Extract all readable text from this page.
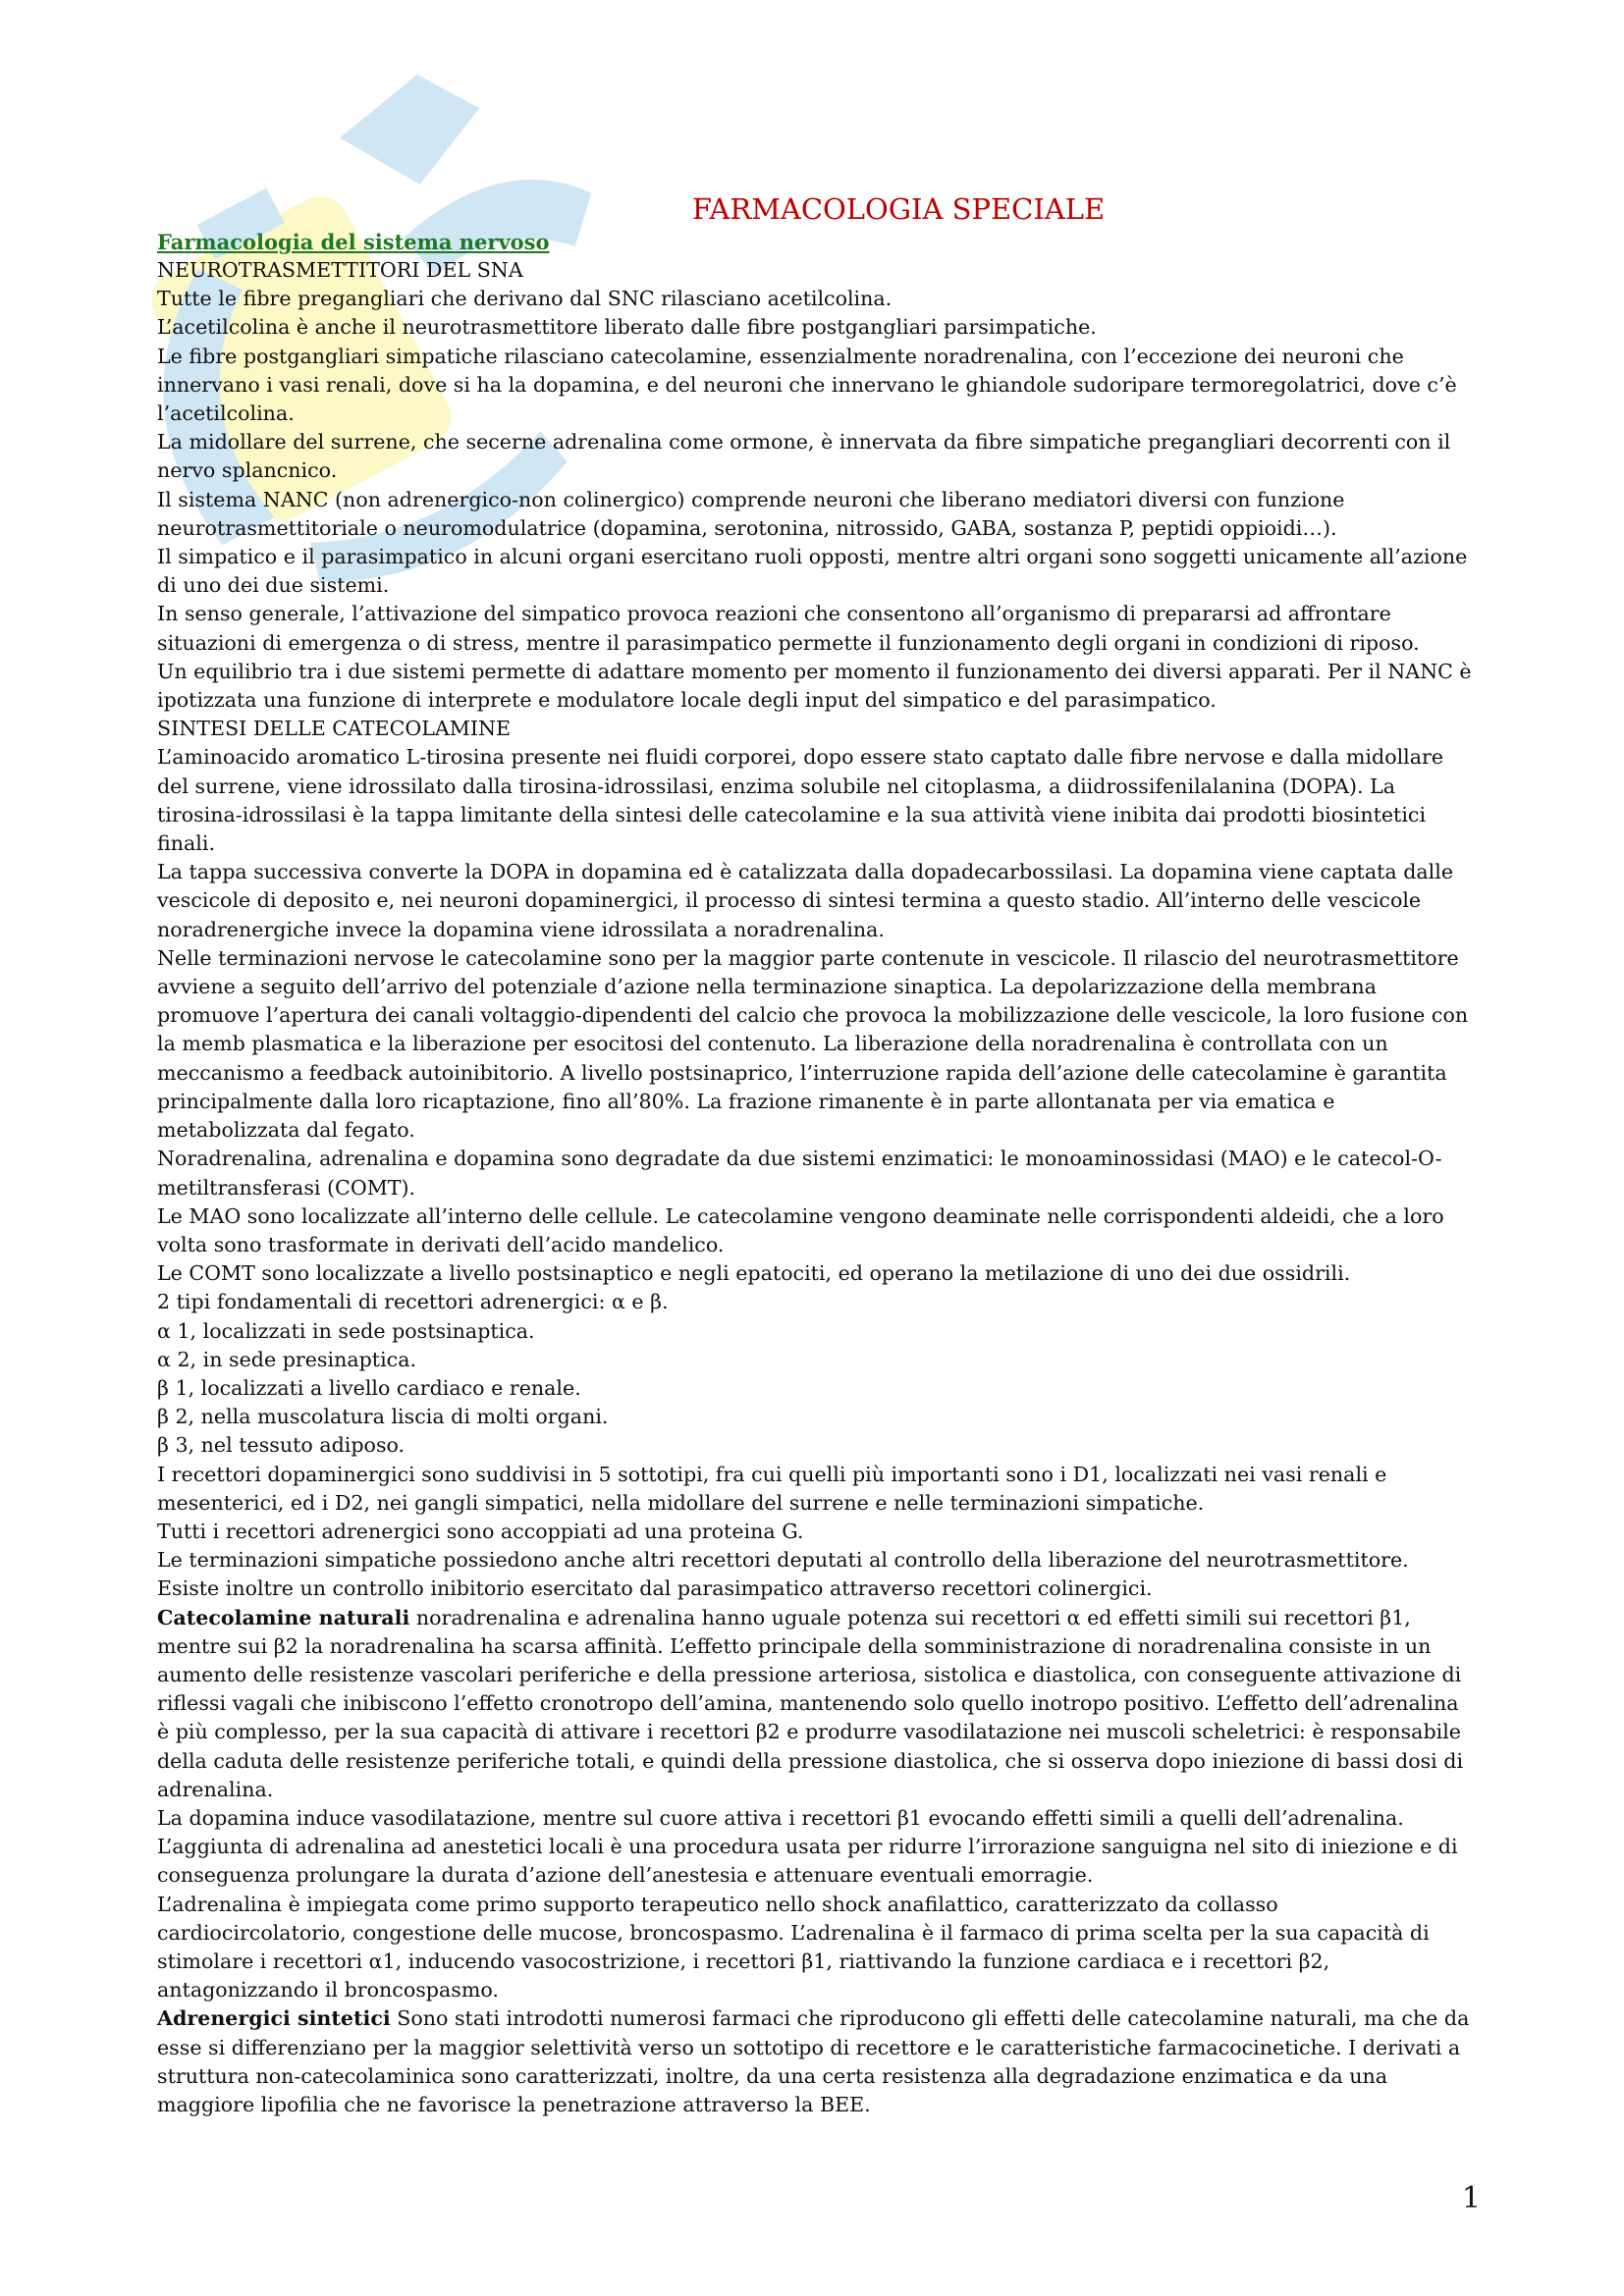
FARMACOLOGIA SPECIALE
Farmacologia del sistema nervoso

NEUROTRASMETTITORI DEL SNA

Tutte le fibre pregangliari che derivano dal SNC rilasciano acetilcolina.

L’acetilcolina è anche il neurotrasmettitore liberato dalle fibre postgangliari parsimpatiche.

Le fibre postgangliari simpatiche rilasciano catecolamine, essenzialmente noradrenalina, con l’eccezione dei neuroni che innervano i vasi renali, dove si ha la dopamina, e del neuroni che innervano le ghiandole sudoripare termoregolatrici, dove c’è l’acetilcolina.

La midollare del surrene, che secerne adrenalina come ormone, è innervata da fibre simpatiche pregangliari decorrenti con il nervo splancnico.

Il sistema NANC (non adrenergico-non colinergico) comprende neuroni che liberano mediatori diversi con funzione neurotrasmettitoriale o neuromodulatrice (dopamina, serotonina, nitrossido, GABA, sostanza P, peptidi oppioidi…).

Il simpatico e il parasimpatico in alcuni organi esercitano ruoli opposti, mentre altri organi sono soggetti unicamente all’azione di uno dei due sistemi.

In senso generale, l’attivazione del simpatico provoca reazioni che consentono all’organismo di prepararsi ad affrontare situazioni di emergenza o di stress, mentre il parasimpatico permette il funzionamento degli organi in condizioni di riposo.

Un equilibrio tra i due sistemi permette di adattare momento per momento il funzionamento dei diversi apparati. Per il NANC è ipotizzata una funzione di interprete e modulatore locale degli input del simpatico e del parasimpatico.

SINTESI DELLE CATECOLAMINE

L’aminoacido aromatico L-tirosina presente nei fluidi corporei, dopo essere stato captato dalle fibre nervose e dalla midollare del surrene, viene idrossilato dalla tirosina-idrossilasi, enzima solubile nel citoplasma, a diidrossifenilalanina (DOPA). La tirosina-idrossilasi è la tappa limitante della sintesi delle catecolamine e la sua attività viene inibita dai prodotti biosintetici finali.

La tappa successiva converte la DOPA in dopamina ed è catalizzata dalla dopadecarbossilasi. La dopamina viene captata dalle vescicole di deposito e, nei neuroni dopaminergici, il processo di sintesi termina a questo stadio. All’interno delle vescicole noradrenergiche invece la dopamina viene idrossilata a noradrenalina.

Nelle terminazioni nervose le catecolamine sono per la maggior parte contenute in vescicole. Il rilascio del neurotrasmettitore avviene a seguito dell’arrivo del potenziale d’azione nella terminazione sinaptica. La depolarizzazione della membrana promuove l’apertura dei canali voltaggio-dipendenti del calcio che provoca la mobilizzazione delle vescicole, la loro fusione con la memb plasmatica e la liberazione per esocitosi del contenuto. La liberazione della noradrenalina è controllata con un meccanismo a feedback autoinibitorio. A livello postsinaprico, l’interruzione rapida dell’azione delle catecolamine è garantita principalmente dalla loro ricaptazione, fino all’80%. La frazione rimanente è in parte allontanata per via ematica e metabolizzata dal fegato.

Noradrenalina, adrenalina e dopamina sono degradate da due sistemi enzimatici: le monoaminossidasi (MAO) e le catecol-O-metiltransferasi (COMT).

Le MAO sono localizzate all’interno delle cellule. Le catecolamine vengono deaminate nelle corrispondenti aldeidi, che a loro volta sono trasformate in derivati dell’acido mandelico.

Le COMT sono localizzate a livello postsinaptico e negli epatociti, ed operano la metilazione di uno dei due ossidrili.

2 tipi fondamentali di recettori adrenergici: α e β.

α 1, localizzati in sede postsinaptica.

α 2, in sede presinaptica.

β 1, localizzati a livello cardiaco e renale.

β 2, nella muscolatura liscia di molti organi.

β 3, nel tessuto adiposo.

I recettori dopaminergici sono suddivisi in 5 sottotipi, fra cui quelli più importanti sono i D1, localizzati nei vasi renali e mesenterici, ed i D2, nei gangli simpatici, nella midollare del surrene e nelle terminazioni simpatiche.

Tutti i recettori adrenergici sono accoppiati ad una proteina G.

Le terminazioni simpatiche possiedono anche altri recettori deputati al controllo della liberazione del neurotrasmettitore. Esiste inoltre un controllo inibitorio esercitato dal parasimpatico attraverso recettori colinergici.

Catecolamine naturali noradrenalina e adrenalina hanno uguale potenza sui recettori α ed effetti simili sui recettori β1, mentre sui β2 la noradrenalina ha scarsa affinità. L’effetto principale della somministrazione di noradrenalina consiste in un aumento delle resistenze vascolari periferiche e della pressione arteriosa, sistolica e diastolica, con conseguente attivazione di riflessi vagali che inibiscono l’effetto cronotropo dell’amina, mantenendo solo quello inotropo positivo. L’effetto dell’adrenalina è più complesso, per la sua capacità di attivare i recettori β2 e produrre vasodilatazione nei muscoli scheletrici: è responsabile della caduta delle resistenze periferiche totali, e quindi della pressione diastolica, che si osserva dopo iniezione di bassi dosi di adrenalina.

La dopamina induce vasodilatazione, mentre sul cuore attiva i recettori β1 evocando effetti simili a quelli dell’adrenalina.

L’aggiunta di adrenalina ad anestetici locali è una procedura usata per ridurre l’irrorazione sanguigna nel sito di iniezione e di conseguenza prolungare la durata d’azione dell’anestesia e attenuare eventuali emorragie.

L’adrenalina è impiegata come primo supporto terapeutico nello shock anafilattico, caratterizzato da collasso cardiocircolatorio, congestione delle mucose, broncospasmo. L’adrenalina è il farmaco di prima scelta per la sua capacità di stimolare i recettori α1, inducendo vasocostrizione, i recettori β1, riattivando la funzione cardiaca e i recettori β2, antagonizzando il broncospasmo.

Adrenergici sintetici Sono stati introdotti numerosi farmaci che riproducono gli effetti delle catecolamine naturali, ma che da esse si differenziano per la maggior selettività verso un sottotipo di recettore e le caratteristiche farmacocinetiche. I derivati a struttura non-catecolaminica sono caratterizzati, inoltre, da una certa resistenza alla degradazione enzimatica e da una maggiore lipofilia che ne favorisce la penetrazione attraverso la BEE.

1
